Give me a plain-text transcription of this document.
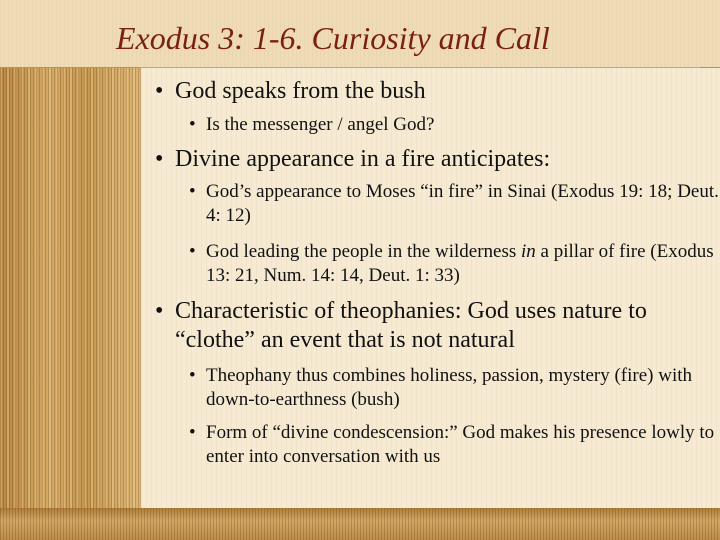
Exodus 3: 1-6. Curiosity and Call
• God speaks from the bush
• Is the messenger / angel God?
• Divine appearance in a fire anticipates:
• God’s appearance to Moses “in fire” in Sinai (Exodus 19: 18; Deut. 4: 12)
• God leading the people in the wilderness in a pillar of fire (Exodus 13: 21, Num. 14: 14, Deut. 1: 33)
• Characteristic of theophanies: God uses nature to “clothe” an event that is not natural
• Theophany thus combines holiness, passion, mystery (fire) with down-to-earthness (bush)
• Form of “divine condescension:” God makes his presence lowly to enter into conversation with us
